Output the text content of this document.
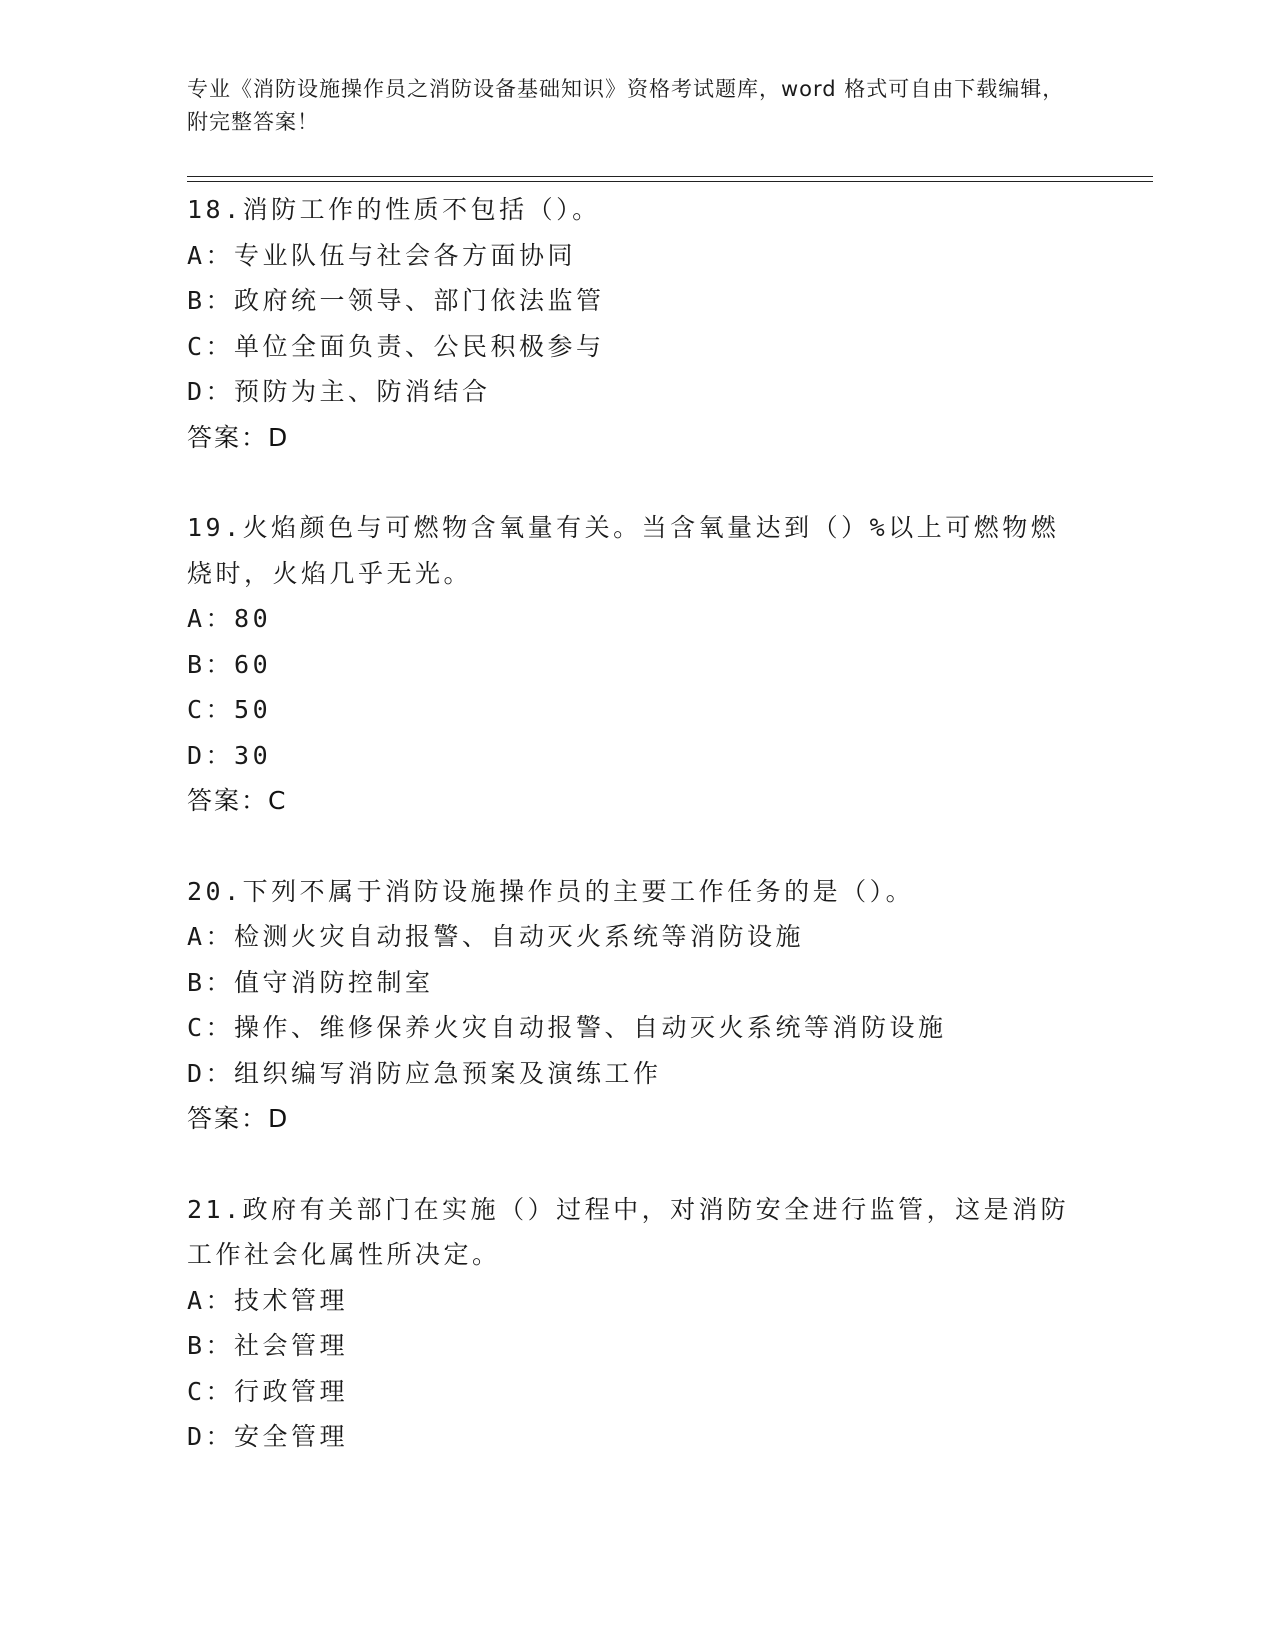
专业《消防设施操作员之消防设备基础知识》资格考试题库，word 格式可自由下载编辑，附完整答案！
18.消防工作的性质不包括（）。
A：专业队伍与社会各方面协同
B：政府统一领导、部门依法监管
C：单位全面负责、公民积极参与
D：预防为主、防消结合
答案：D
19.火焰颜色与可燃物含氧量有关。当含氧量达到（）%以上可燃物燃烧时，火焰几乎无光。
A：80
B：60
C：50
D：30
答案：C
20.下列不属于消防设施操作员的主要工作任务的是（）。
A：检测火灾自动报警、自动灭火系统等消防设施
B：值守消防控制室
C：操作、维修保养火灾自动报警、自动灭火系统等消防设施
D：组织编写消防应急预案及演练工作
答案：D
21.政府有关部门在实施（）过程中，对消防安全进行监管，这是消防工作社会化属性所决定。
A：技术管理
B：社会管理
C：行政管理
D：安全管理
